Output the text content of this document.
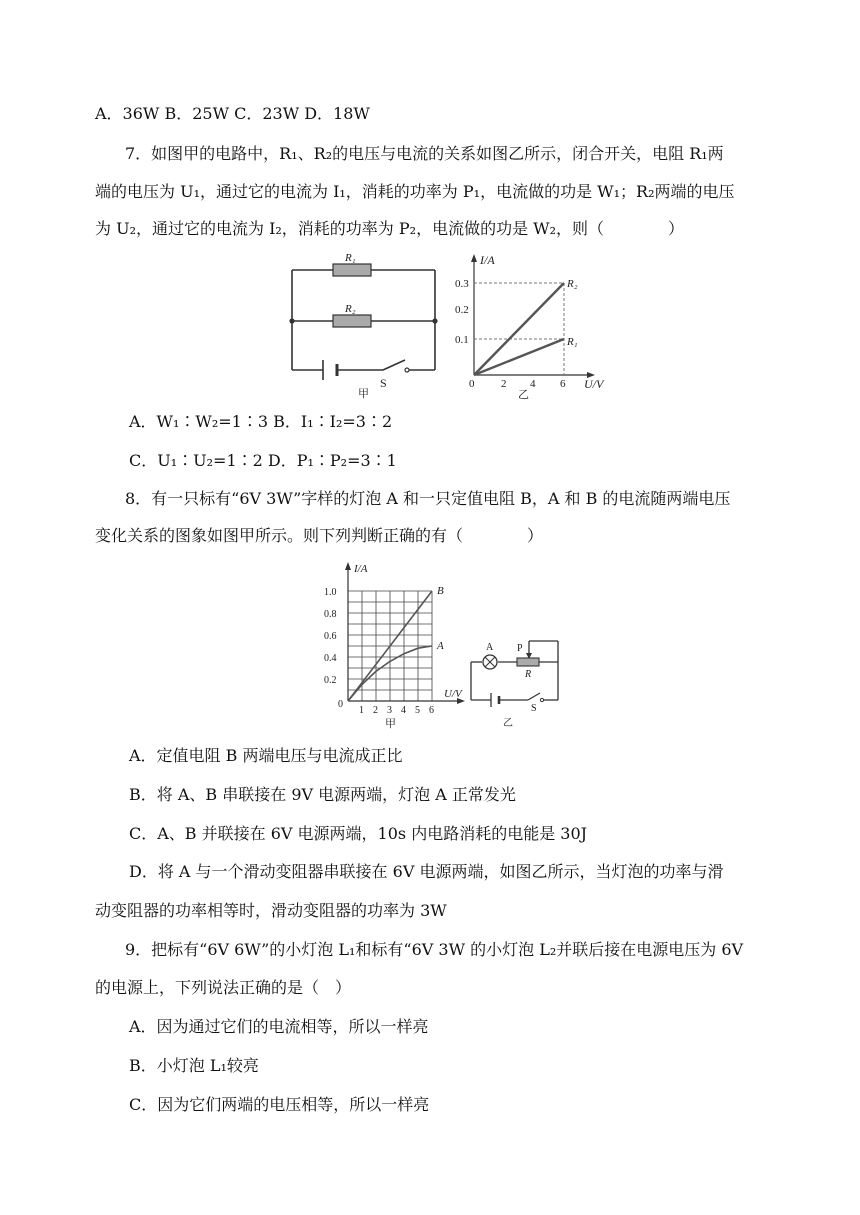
A．36W B．25W C．23W D．18W
7．如图甲的电路中，R₁、R₂的电压与电流的关系如图乙所示，闭合开关，电阻 R₁两
端的电压为 U₁，通过它的电流为 I₁，消耗的功率为 P₁，电流做的功是 W₁；R₂两端的电压
为 U₂，通过它的电流为 I₂，消耗的功率为 P₂，电流做的功是 W₂，则（　　　　）
R₁
R₂
S
甲
I/A
U/V
0.3
0.2
0.1
0 2 4 6
R₂
R₁
乙
A．W₁∶W₂=1∶3 B．I₁∶I₂=3∶2
C．U₁∶U₂=1∶2 D．P₁∶P₂=3∶1
8．有一只标有“6V 3W”字样的灯泡 A 和一只定值电阻 B，A 和 B 的电流随两端电压
变化关系的图象如图甲所示。则下列判断正确的有（　　　　）
I/A
U/V
1.0
0.8
0.6
0.4
0.2
0
1 2 3 4 5 6
B
A
甲
A P
R
S
乙
A．定值电阻 B 两端电压与电流成正比
B．将 A、B 串联接在 9V 电源两端，灯泡 A 正常发光
C．A、B 并联接在 6V 电源两端，10s 内电路消耗的电能是 30J
D．将 A 与一个滑动变阻器串联接在 6V 电源两端，如图乙所示，当灯泡的功率与滑
动变阻器的功率相等时，滑动变阻器的功率为 3W
9．把标有“6V 6W”的小灯泡 L₁和标有“6V 3W 的小灯泡 L₂并联后接在电源电压为 6V
的电源上，下列说法正确的是（　）
A．因为通过它们的电流相等，所以一样亮
B．小灯泡 L₁较亮
C．因为它们两端的电压相等，所以一样亮
